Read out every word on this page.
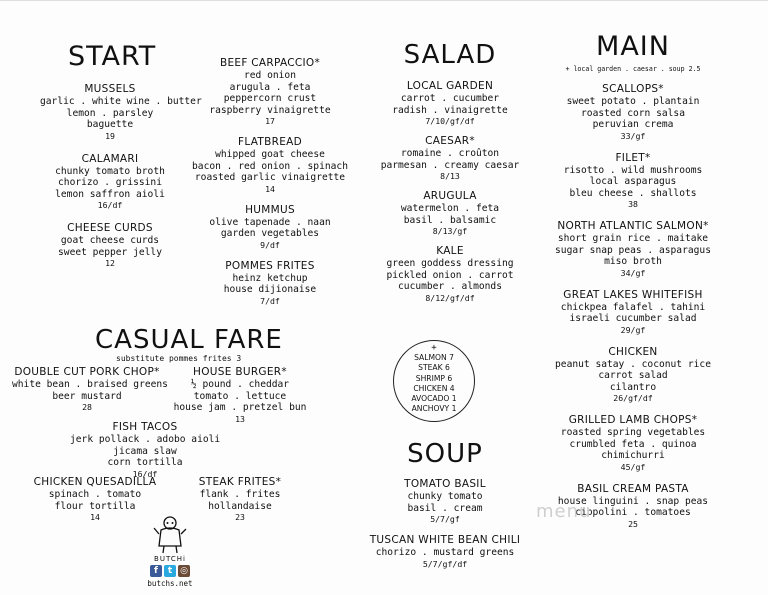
START
MUSSELS
garlic . white wine . butter
lemon . parsley
baguette
19
CALAMARI
chunky tomato broth
chorizo . grissini
lemon saffron aioli
16/df
CHEESE CURDS
goat cheese curds
sweet pepper jelly
12
BEEF CARPACCIO*
red onion
arugula . feta
peppercorn crust
raspberry vinaigrette
17
FLATBREAD
whipped goat cheese
bacon . red onion . spinach
roasted garlic vinaigrette
14
HUMMUS
olive tapenade . naan
garden vegetables
9/df
POMMES FRITES
heinz ketchup
house dijionaise
7/df
CASUAL FARE
substitute pommes frites 3
DOUBLE CUT PORK CHOP*
white bean . braised greens
beer mustard
28
HOUSE BURGER*
½ pound . cheddar
tomato . lettuce
house jam . pretzel bun
13
FISH TACOS
jerk pollack . adobo aioli
jicama slaw
corn tortilla
16/df
CHICKEN QUESADILLA
spinach . tomato
flour tortilla
14
STEAK FRITES*
flank . frites
hollandaise
23
SALAD
LOCAL GARDEN
carrot . cucumber
radish . vinaigrette
7/10/gf/df
CAESAR*
romaine . croûton
parmesan . creamy caesar
8/13
ARUGULA
watermelon . feta
basil . balsamic
8/13/gf
KALE
green goddess dressing
pickled onion . carrot
cucumber . almonds
8/12/gf/df
+
SALMON 7
STEAK 6
SHRIMP 6
CHICKEN 4
AVOCADO 1
ANCHOVY 1
SOUP
TOMATO BASIL
chunky tomato
basil . cream
5/7/gf
TUSCAN WHITE BEAN CHILI
chorizo . mustard greens
5/7/gf/df
MAIN
+ local garden . caesar . soup 2.5
SCALLOPS*
sweet potato . plantain
roasted corn salsa
peruvian crema
33/gf
FILET*
risotto . wild mushrooms
local asparagus
bleu cheese . shallots
38
NORTH ATLANTIC SALMON*
short grain rice . maitake
sugar snap peas . asparagus
miso broth
34/gf
GREAT LAKES WHITEFISH
chickpea falafel . tahini
israeli cucumber salad
29/gf
CHICKEN
peanut satay . coconut rice
carrot salad
cilantro
26/gf/df
GRILLED LAMB CHOPS*
roasted spring vegetables
crumbled feta . quinoa
chimichurri
45/gf
BASIL CREAM PASTA
house linguini . snap peas
cippolini . tomatoes
25
menu
BUTCHi
f	t ◎
butchs.net
